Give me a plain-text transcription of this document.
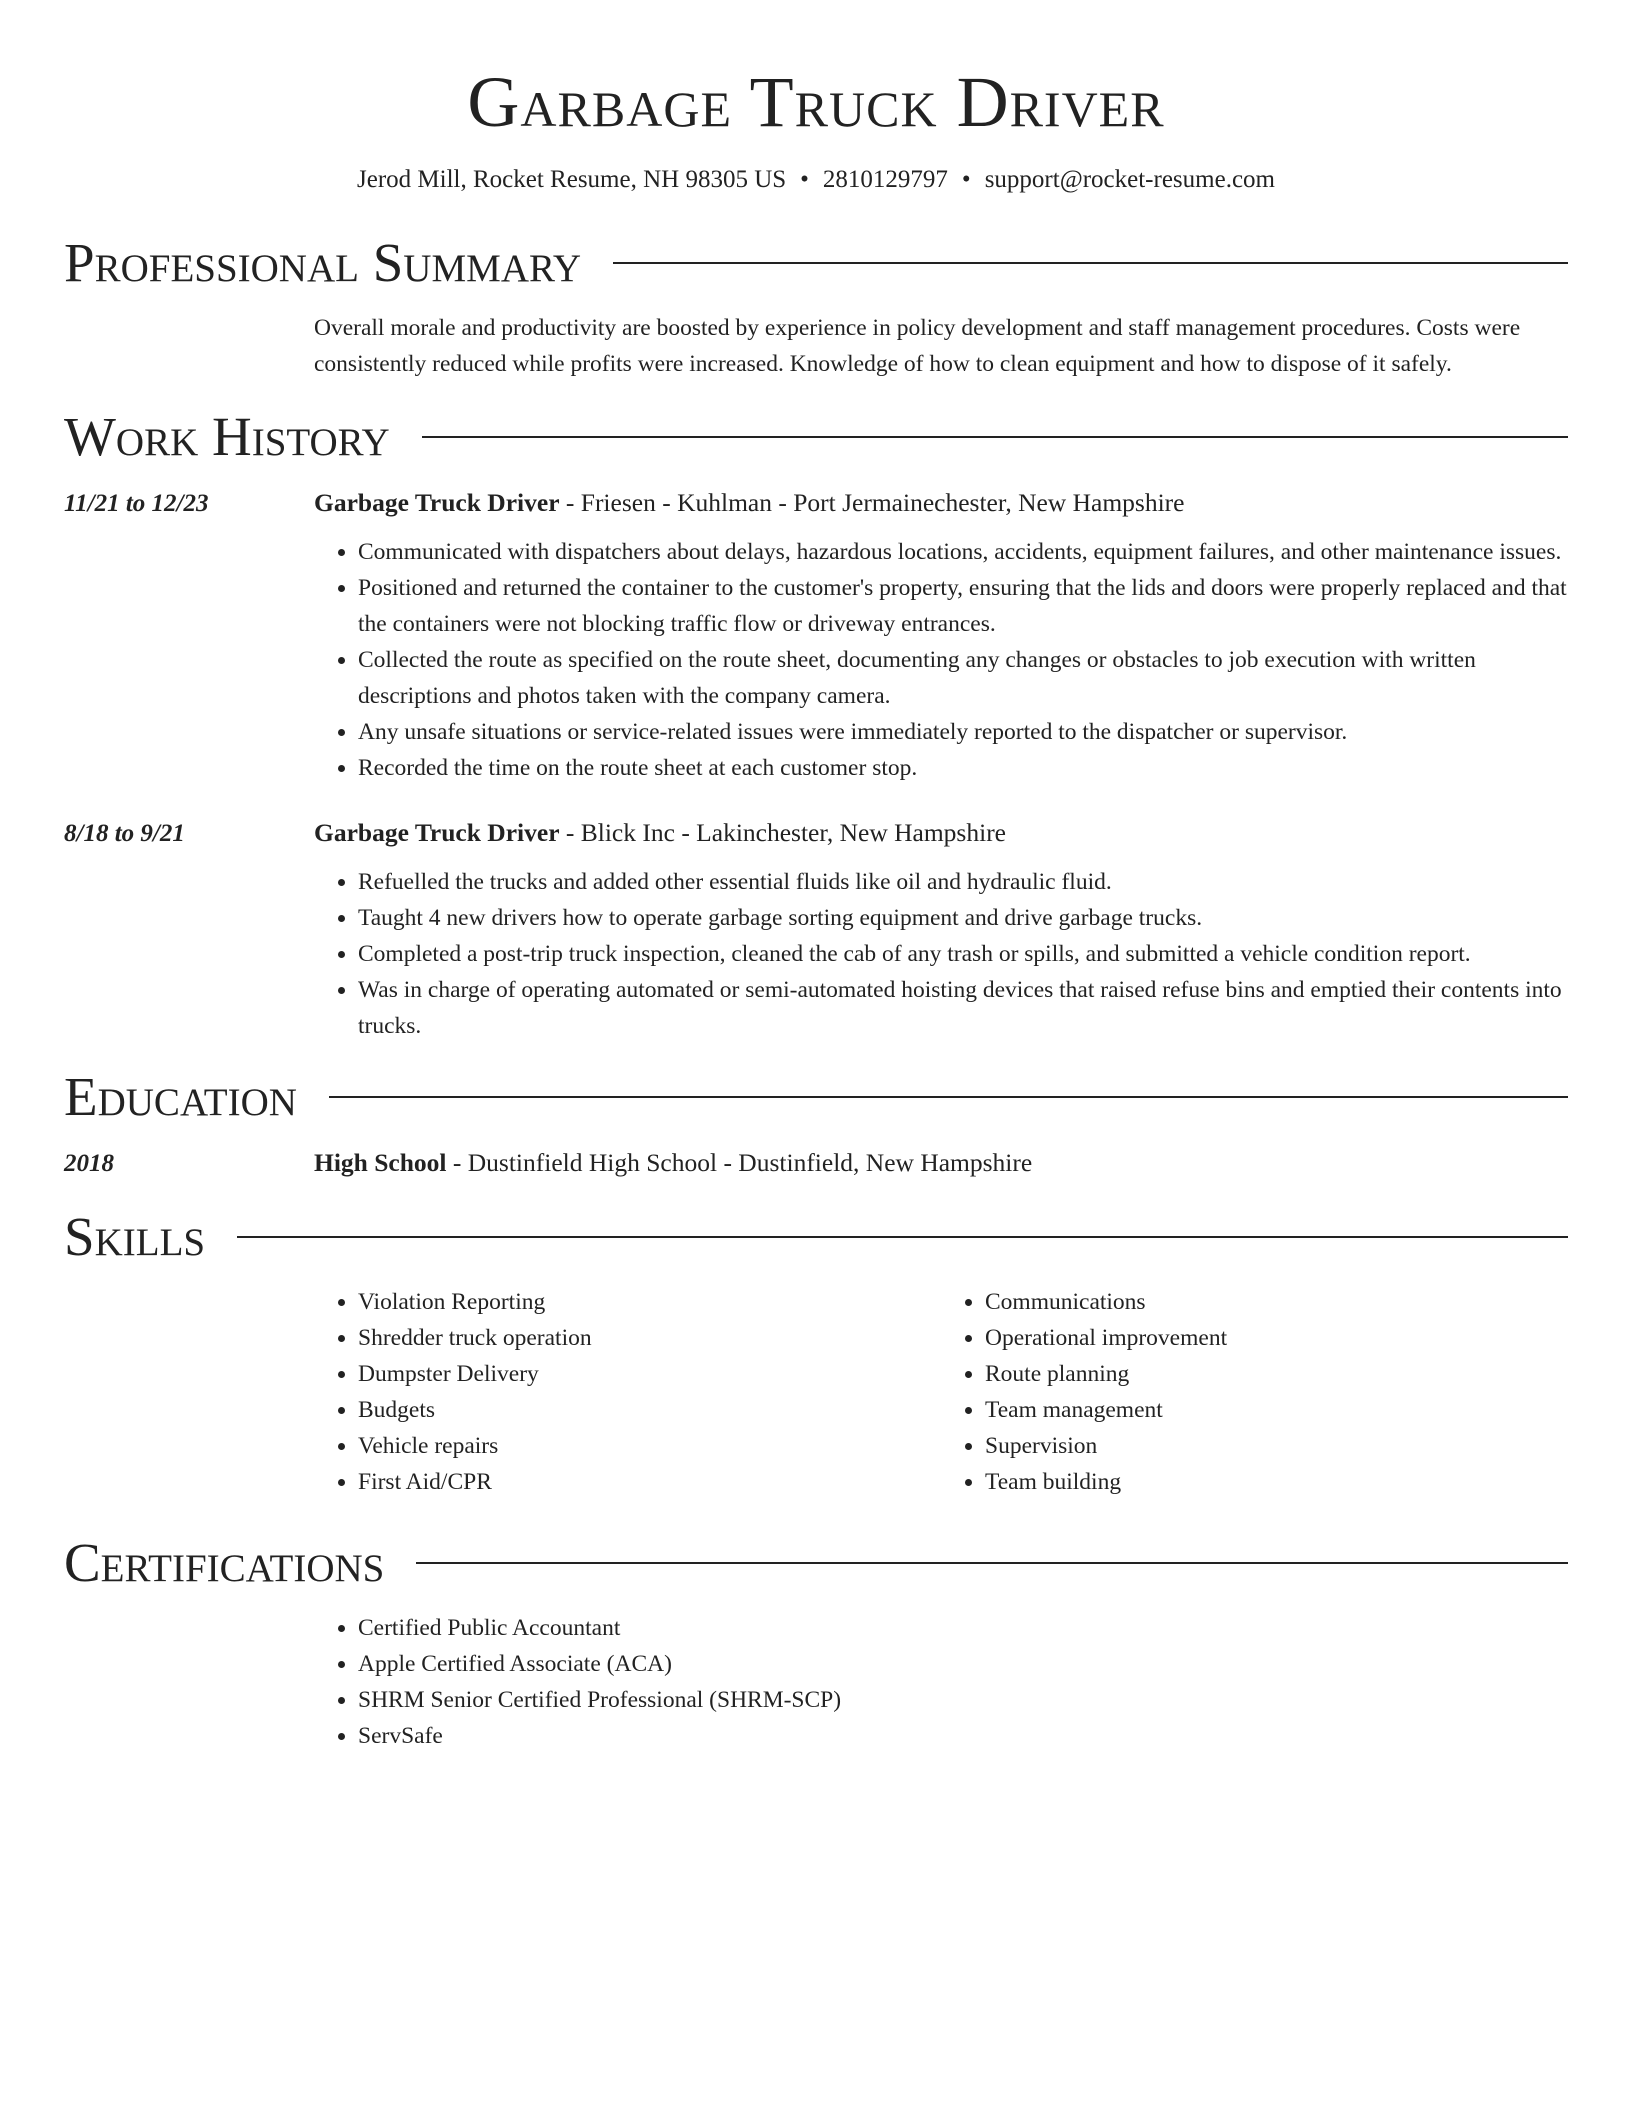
Garbage Truck Driver
Jerod Mill, Rocket Resume, NH 98305 US • 2810129797 • support@rocket-resume.com
Professional Summary
Overall morale and productivity are boosted by experience in policy development and staff management procedures. Costs were consistently reduced while profits were increased. Knowledge of how to clean equipment and how to dispose of it safely.
Work History
11/21 to 12/23	Garbage Truck Driver - Friesen - Kuhlman - Port Jermainechester, New Hampshire
• Communicated with dispatchers about delays, hazardous locations, accidents, equipment failures, and other maintenance issues.
• Positioned and returned the container to the customer's property, ensuring that the lids and doors were properly replaced and that the containers were not blocking traffic flow or driveway entrances.
• Collected the route as specified on the route sheet, documenting any changes or obstacles to job execution with written descriptions and photos taken with the company camera.
• Any unsafe situations or service-related issues were immediately reported to the dispatcher or supervisor.
• Recorded the time on the route sheet at each customer stop.
8/18 to 9/21	Garbage Truck Driver - Blick Inc - Lakinchester, New Hampshire
• Refuelled the trucks and added other essential fluids like oil and hydraulic fluid.
• Taught 4 new drivers how to operate garbage sorting equipment and drive garbage trucks.
• Completed a post-trip truck inspection, cleaned the cab of any trash or spills, and submitted a vehicle condition report.
• Was in charge of operating automated or semi-automated hoisting devices that raised refuse bins and emptied their contents into trucks.
Education
2018	High School - Dustinfield High School - Dustinfield, New Hampshire
Skills
• Violation Reporting
• Shredder truck operation
• Dumpster Delivery
• Budgets
• Vehicle repairs
• First Aid/CPR
• Communications
• Operational improvement
• Route planning
• Team management
• Supervision
• Team building
Certifications
• Certified Public Accountant
• Apple Certified Associate (ACA)
• SHRM Senior Certified Professional (SHRM-SCP)
• ServSafe
